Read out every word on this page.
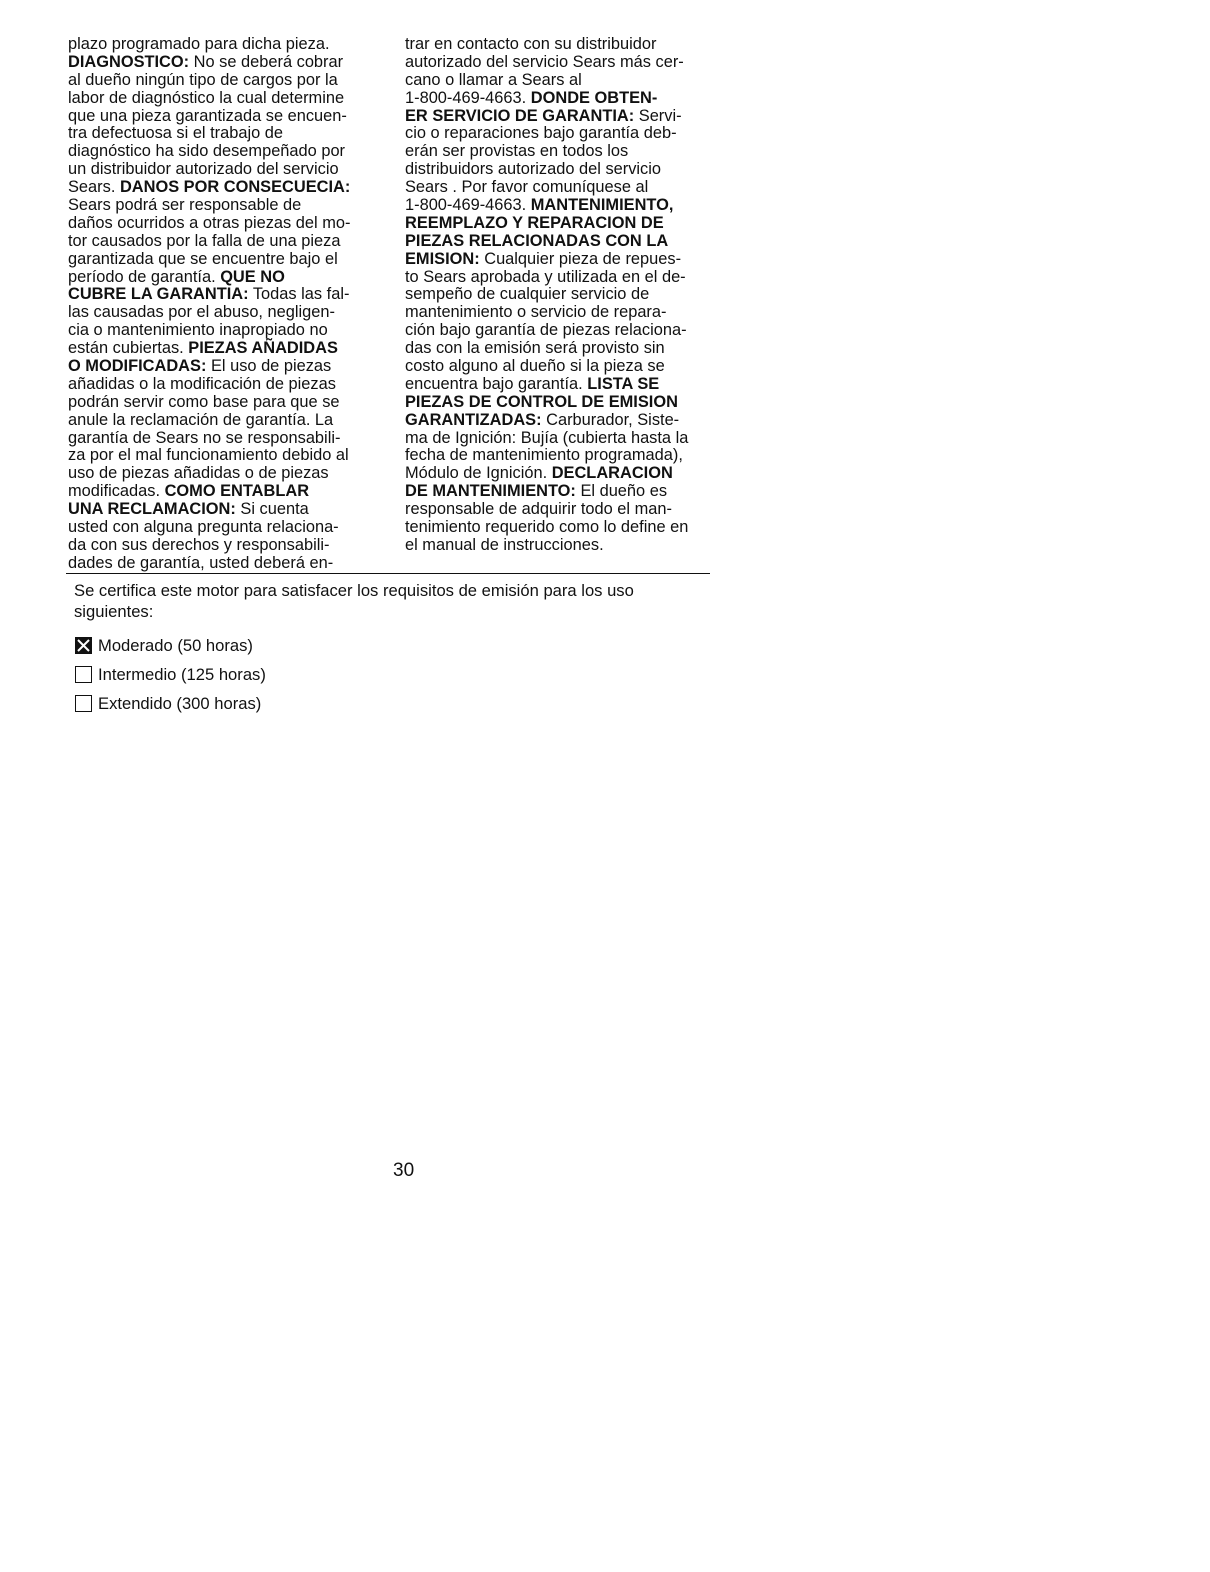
plazo programado para dicha pieza.
DIAGNOSTICO: No se deberá cobrar
al dueño ningún tipo de cargos por la
labor de diagnóstico la cual determine
que una pieza garantizada se encuen-
tra defectuosa si el trabajo de
diagnóstico ha sido desempeñado por
un distribuidor autorizado del servicio
Sears. DANOS POR CONSECUECIA:
Sears podrá ser responsable de
daños ocurridos a otras piezas del mo-
tor causados por la falla de una pieza
garantizada que se encuentre bajo el
período de garantía. QUE NO
CUBRE LA GARANTIA: Todas las fal-
las causadas por el abuso, negligen-
cia o mantenimiento inapropiado no
están cubiertas. PIEZAS AÑADIDAS
O MODIFICADAS: El uso de piezas
añadidas o la modificación de piezas
podrán servir como base para que se
anule la reclamación de garantía. La
garantía de Sears no se responsabili-
za por el mal funcionamiento debido al
uso de piezas añadidas o de piezas
modificadas. COMO ENTABLAR
UNA RECLAMACION: Si cuenta
usted con alguna pregunta relaciona-
da con sus derechos y responsabili-
dades de garantía, usted deberá en-
trar en contacto con su distribuidor
autorizado del servicio Sears más cer-
cano o llamar a Sears al
1-800-469-4663. DONDE OBTEN-
ER SERVICIO DE GARANTIA: Servi-
cio o reparaciones bajo garantía deb-
erán ser provistas en todos los
distribuidors autorizado del servicio
Sears . Por favor comuníquese al
1-800-469-4663. MANTENIMIENTO,
REEMPLAZO Y REPARACION DE
PIEZAS RELACIONADAS CON LA
EMISION: Cualquier pieza de repues-
to Sears aprobada y utilizada en el de-
sempeño de cualquier servicio de
mantenimiento o servicio de repara-
ción bajo garantía de piezas relaciona-
das con la emisión será provisto sin
costo alguno al dueño si la pieza se
encuentra bajo garantía. LISTA SE
PIEZAS DE CONTROL DE EMISION
GARANTIZADAS: Carburador, Siste-
ma de Ignición: Bujía (cubierta hasta la
fecha de mantenimiento programada),
Módulo de Ignición. DECLARACION
DE MANTENIMIENTO: El dueño es
responsable de adquirir todo el man-
tenimiento requerido como lo define en
el manual de instrucciones.
Se certifica este motor para satisfacer los requisitos de emisión para los uso siguientes:
Moderado (50 horas)
Intermedio (125 horas)
Extendido (300 horas)
30
